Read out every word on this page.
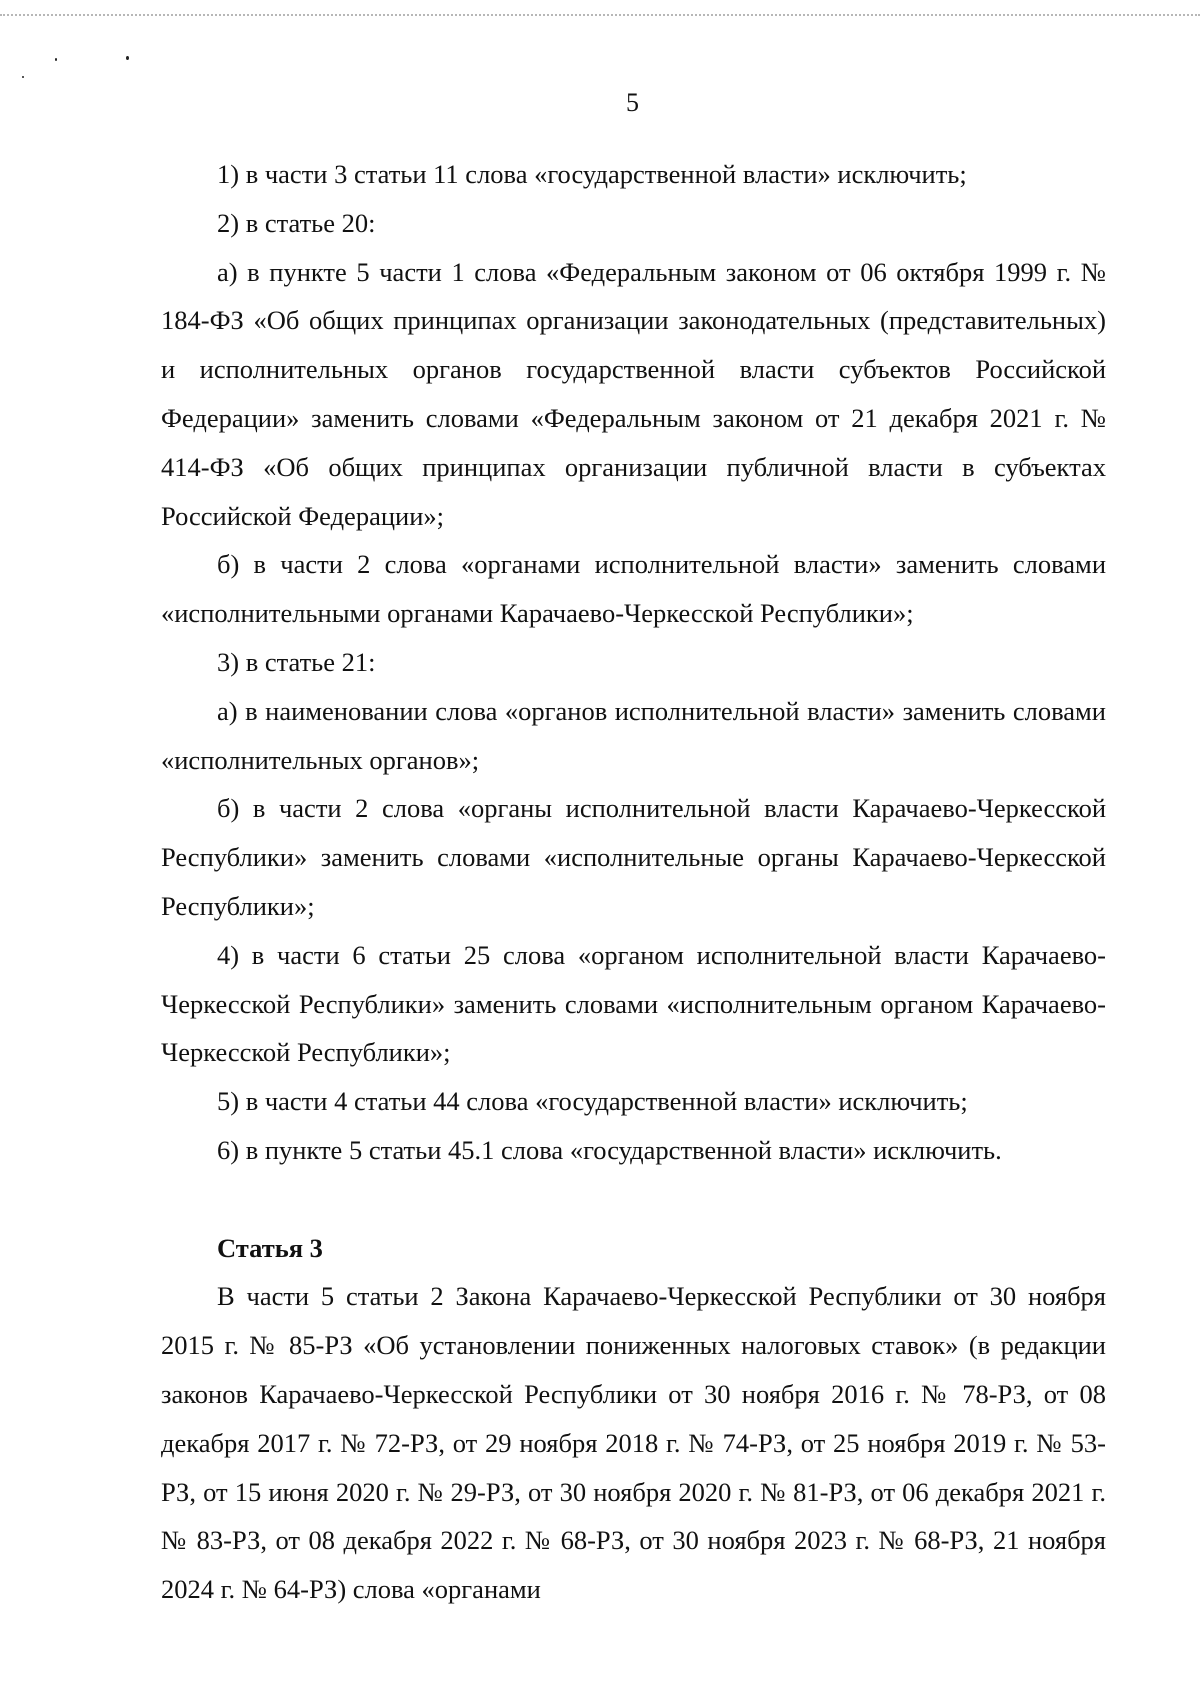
5

1) в части 3 статьи 11 слова «государственной власти» исключить;

2) в статье 20:

а) в пункте 5 части 1 слова «Федеральным законом от 06 октября 1999 г. № 184-ФЗ «Об общих принципах организации законодательных (представительных) и исполнительных органов государственной власти субъектов Российской Федерации» заменить словами «Федеральным законом от 21 декабря 2021 г. № 414-ФЗ «Об общих принципах организации публичной власти в субъектах Российской Федерации»;

б) в части 2 слова «органами исполнительной власти» заменить словами «исполнительными органами Карачаево-Черкесской Республики»;

3) в статье 21:

а) в наименовании слова «органов исполнительной власти» заменить словами «исполнительных органов»;

б) в части 2 слова «органы исполнительной власти Карачаево-Черкесской Республики» заменить словами «исполнительные органы Карачаево-Черкесской Республики»;

4) в части 6 статьи 25 слова «органом исполнительной власти Карачаево-Черкесской Республики» заменить словами «исполнительным органом Карачаево-Черкесской Республики»;

5) в части 4 статьи 44 слова «государственной власти» исключить;

6) в пункте 5 статьи 45.1 слова «государственной власти» исключить.

Статья 3

В части 5 статьи 2 Закона Карачаево-Черкесской Республики от 30 ноября 2015 г. № 85-РЗ «Об установлении пониженных налоговых ставок» (в редакции законов Карачаево-Черкесской Республики от 30 ноября 2016 г. № 78-РЗ, от 08 декабря 2017 г. № 72-РЗ, от 29 ноября 2018 г. № 74-РЗ, от 25 ноября 2019 г. № 53-РЗ, от 15 июня 2020 г. № 29-РЗ, от 30 ноября 2020 г. № 81-РЗ, от 06 декабря 2021 г. № 83-РЗ, от 08 декабря 2022 г. № 68-РЗ, от 30 ноября 2023 г. № 68-РЗ, 21 ноября 2024 г. № 64-РЗ) слова «органами
